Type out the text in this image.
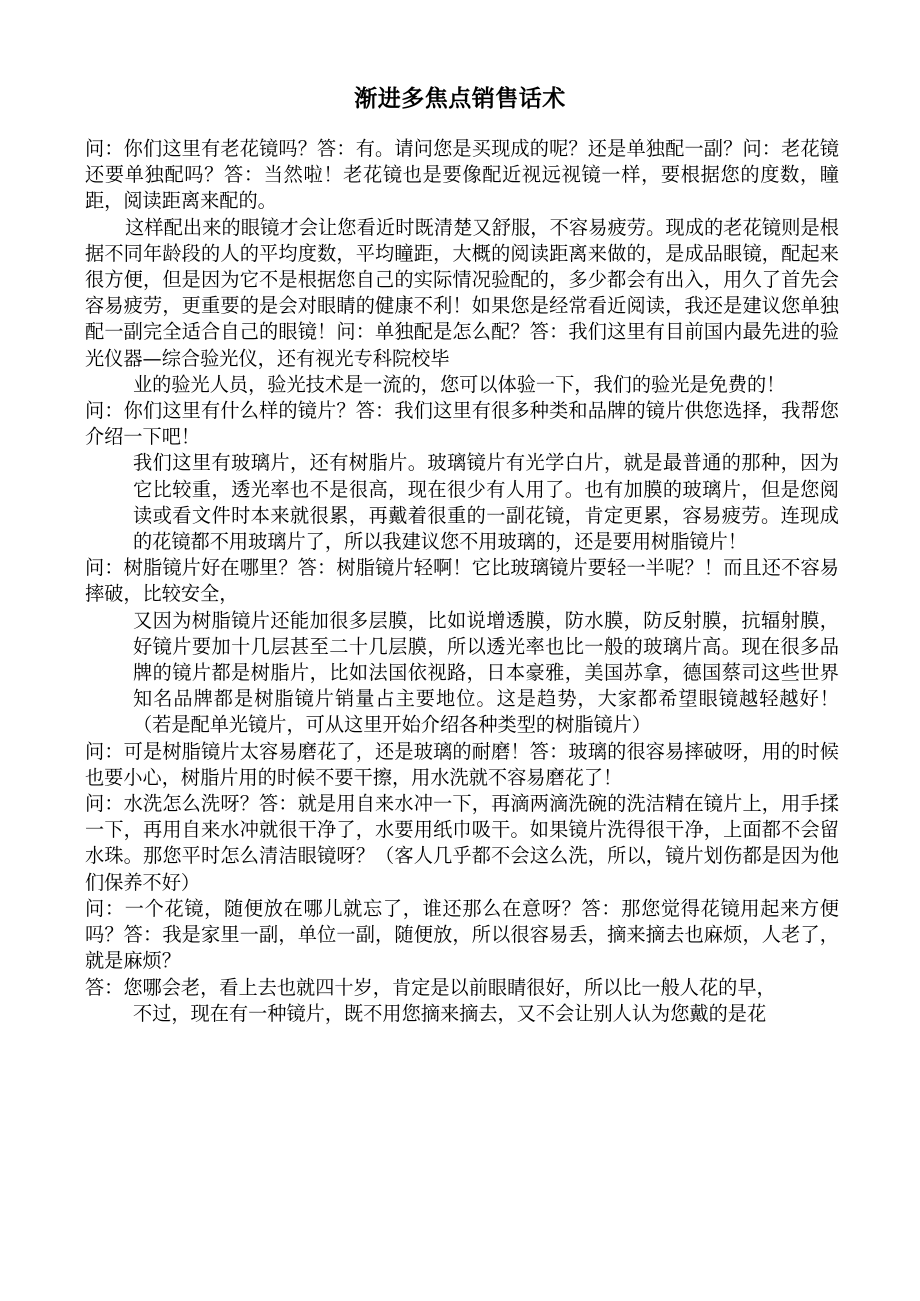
渐进多焦点销售话术

问：你们这里有老花镜吗？答：有。请问您是买现成的呢？还是单独配一副？问：老花镜还要单独配吗？答：当然啦！老花镜也是要像配近视远视镜一样，要根据您的度数，瞳距，阅读距离来配的。

这样配出来的眼镜才会让您看近时既清楚又舒服，不容易疲劳。现成的老花镜则是根据不同年龄段的人的平均度数，平均瞳距，大概的阅读距离来做的，是成品眼镜，配起来很方便，但是因为它不是根据您自己的实际情况验配的，多少都会有出入，用久了首先会容易疲劳，更重要的是会对眼睛的健康不利！如果您是经常看近阅读，我还是建议您单独配一副完全适合自己的眼镜！问：单独配是怎么配？答：我们这里有目前国内最先进的验光仪器—综合验光仪，还有视光专科院校毕

业的验光人员，验光技术是一流的，您可以体验一下，我们的验光是免费的！

问：你们这里有什么样的镜片？答：我们这里有很多种类和品牌的镜片供您选择，我帮您介绍一下吧！

我们这里有玻璃片，还有树脂片。玻璃镜片有光学白片，就是最普通的那种，因为它比较重，透光率也不是很高，现在很少有人用了。也有加膜的玻璃片，但是您阅读或看文件时本来就很累，再戴着很重的一副花镜，肯定更累，容易疲劳。连现成的花镜都不用玻璃片了，所以我建议您不用玻璃的，还是要用树脂镜片！

问：树脂镜片好在哪里？答：树脂镜片轻啊！它比玻璃镜片要轻一半呢？！而且还不容易摔破，比较安全，

又因为树脂镜片还能加很多层膜，比如说增透膜，防水膜，防反射膜，抗辐射膜，好镜片要加十几层甚至二十几层膜，所以透光率也比一般的玻璃片高。现在很多品牌的镜片都是树脂片，比如法国依视路，日本豪雅，美国苏拿，德国蔡司这些世界知名品牌都是树脂镜片销量占主要地位。这是趋势，大家都希望眼镜越轻越好！（若是配单光镜片，可从这里开始介绍各种类型的树脂镜片）

问：可是树脂镜片太容易磨花了，还是玻璃的耐磨！答：玻璃的很容易摔破呀，用的时候也要小心，树脂片用的时候不要干擦，用水洗就不容易磨花了！

问：水洗怎么洗呀？答：就是用自来水冲一下，再滴两滴洗碗的洗洁精在镜片上，用手揉一下，再用自来水冲就很干净了，水要用纸巾吸干。如果镜片洗得很干净，上面都不会留水珠。那您平时怎么清洁眼镜呀？（客人几乎都不会这么洗，所以，镜片划伤都是因为他们保养不好）

问：一个花镜，随便放在哪儿就忘了，谁还那么在意呀？答：那您觉得花镜用起来方便吗？答：我是家里一副，单位一副，随便放，所以很容易丢，摘来摘去也麻烦，人老了，就是麻烦？

答：您哪会老，看上去也就四十岁，肯定是以前眼睛很好，所以比一般人花的早，
不过，现在有一种镜片，既不用您摘来摘去，又不会让别人认为您戴的是花
